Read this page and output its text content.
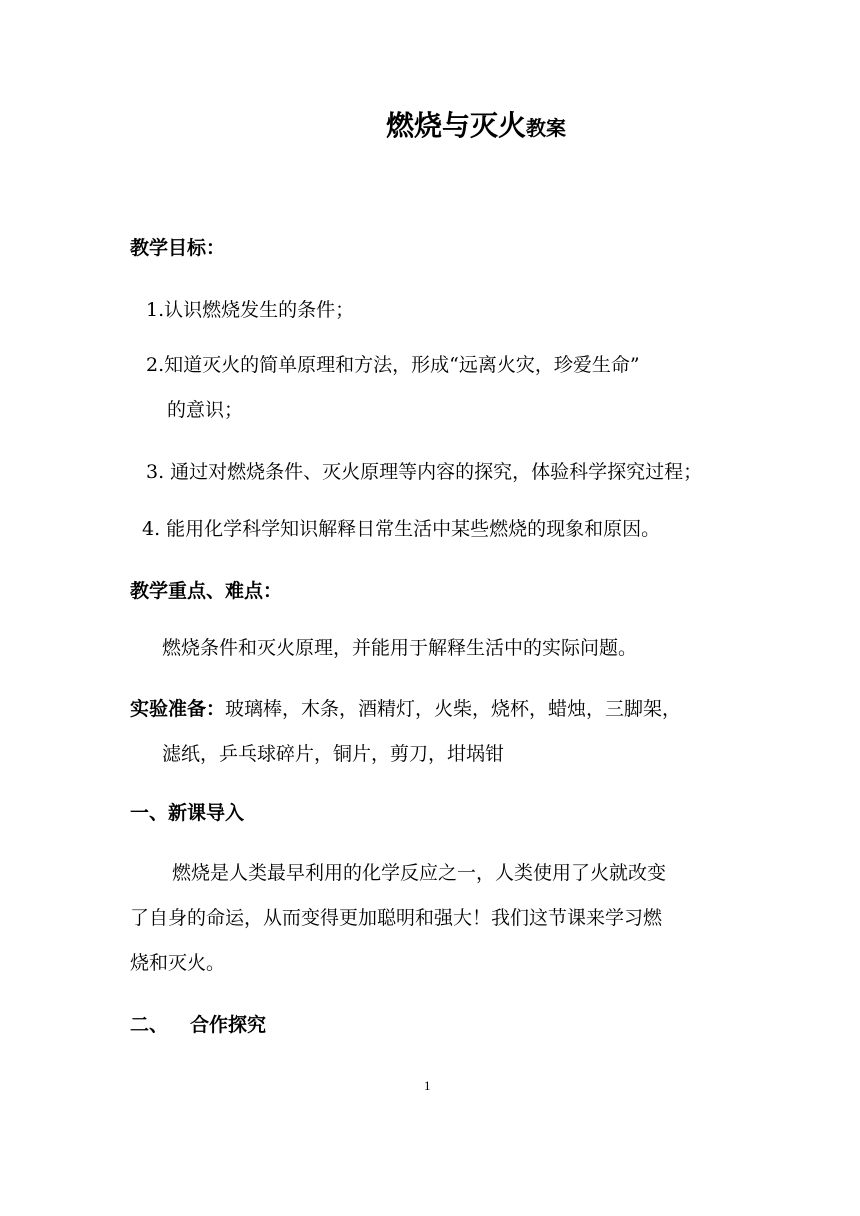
燃烧与灭火教案
教学目标：
1.认识燃烧发生的条件；
2.知道灭火的简单原理和方法，形成“远离火灾，珍爱生命”
的意识；
3. 通过对燃烧条件、灭火原理等内容的探究，体验科学探究过程；
4. 能用化学科学知识解释日常生活中某些燃烧的现象和原因。
教学重点、难点：
燃烧条件和灭火原理，并能用于解释生活中的实际问题。
实验准备：玻璃棒，木条，酒精灯，火柴，烧杯，蜡烛，三脚架，
滤纸，乒乓球碎片，铜片，剪刀，坩埚钳
一、新课导入
燃烧是人类最早利用的化学反应之一，人类使用了火就改变
了自身的命运，从而变得更加聪明和强大！我们这节课来学习燃
烧和灭火。
二、 合作探究
1
